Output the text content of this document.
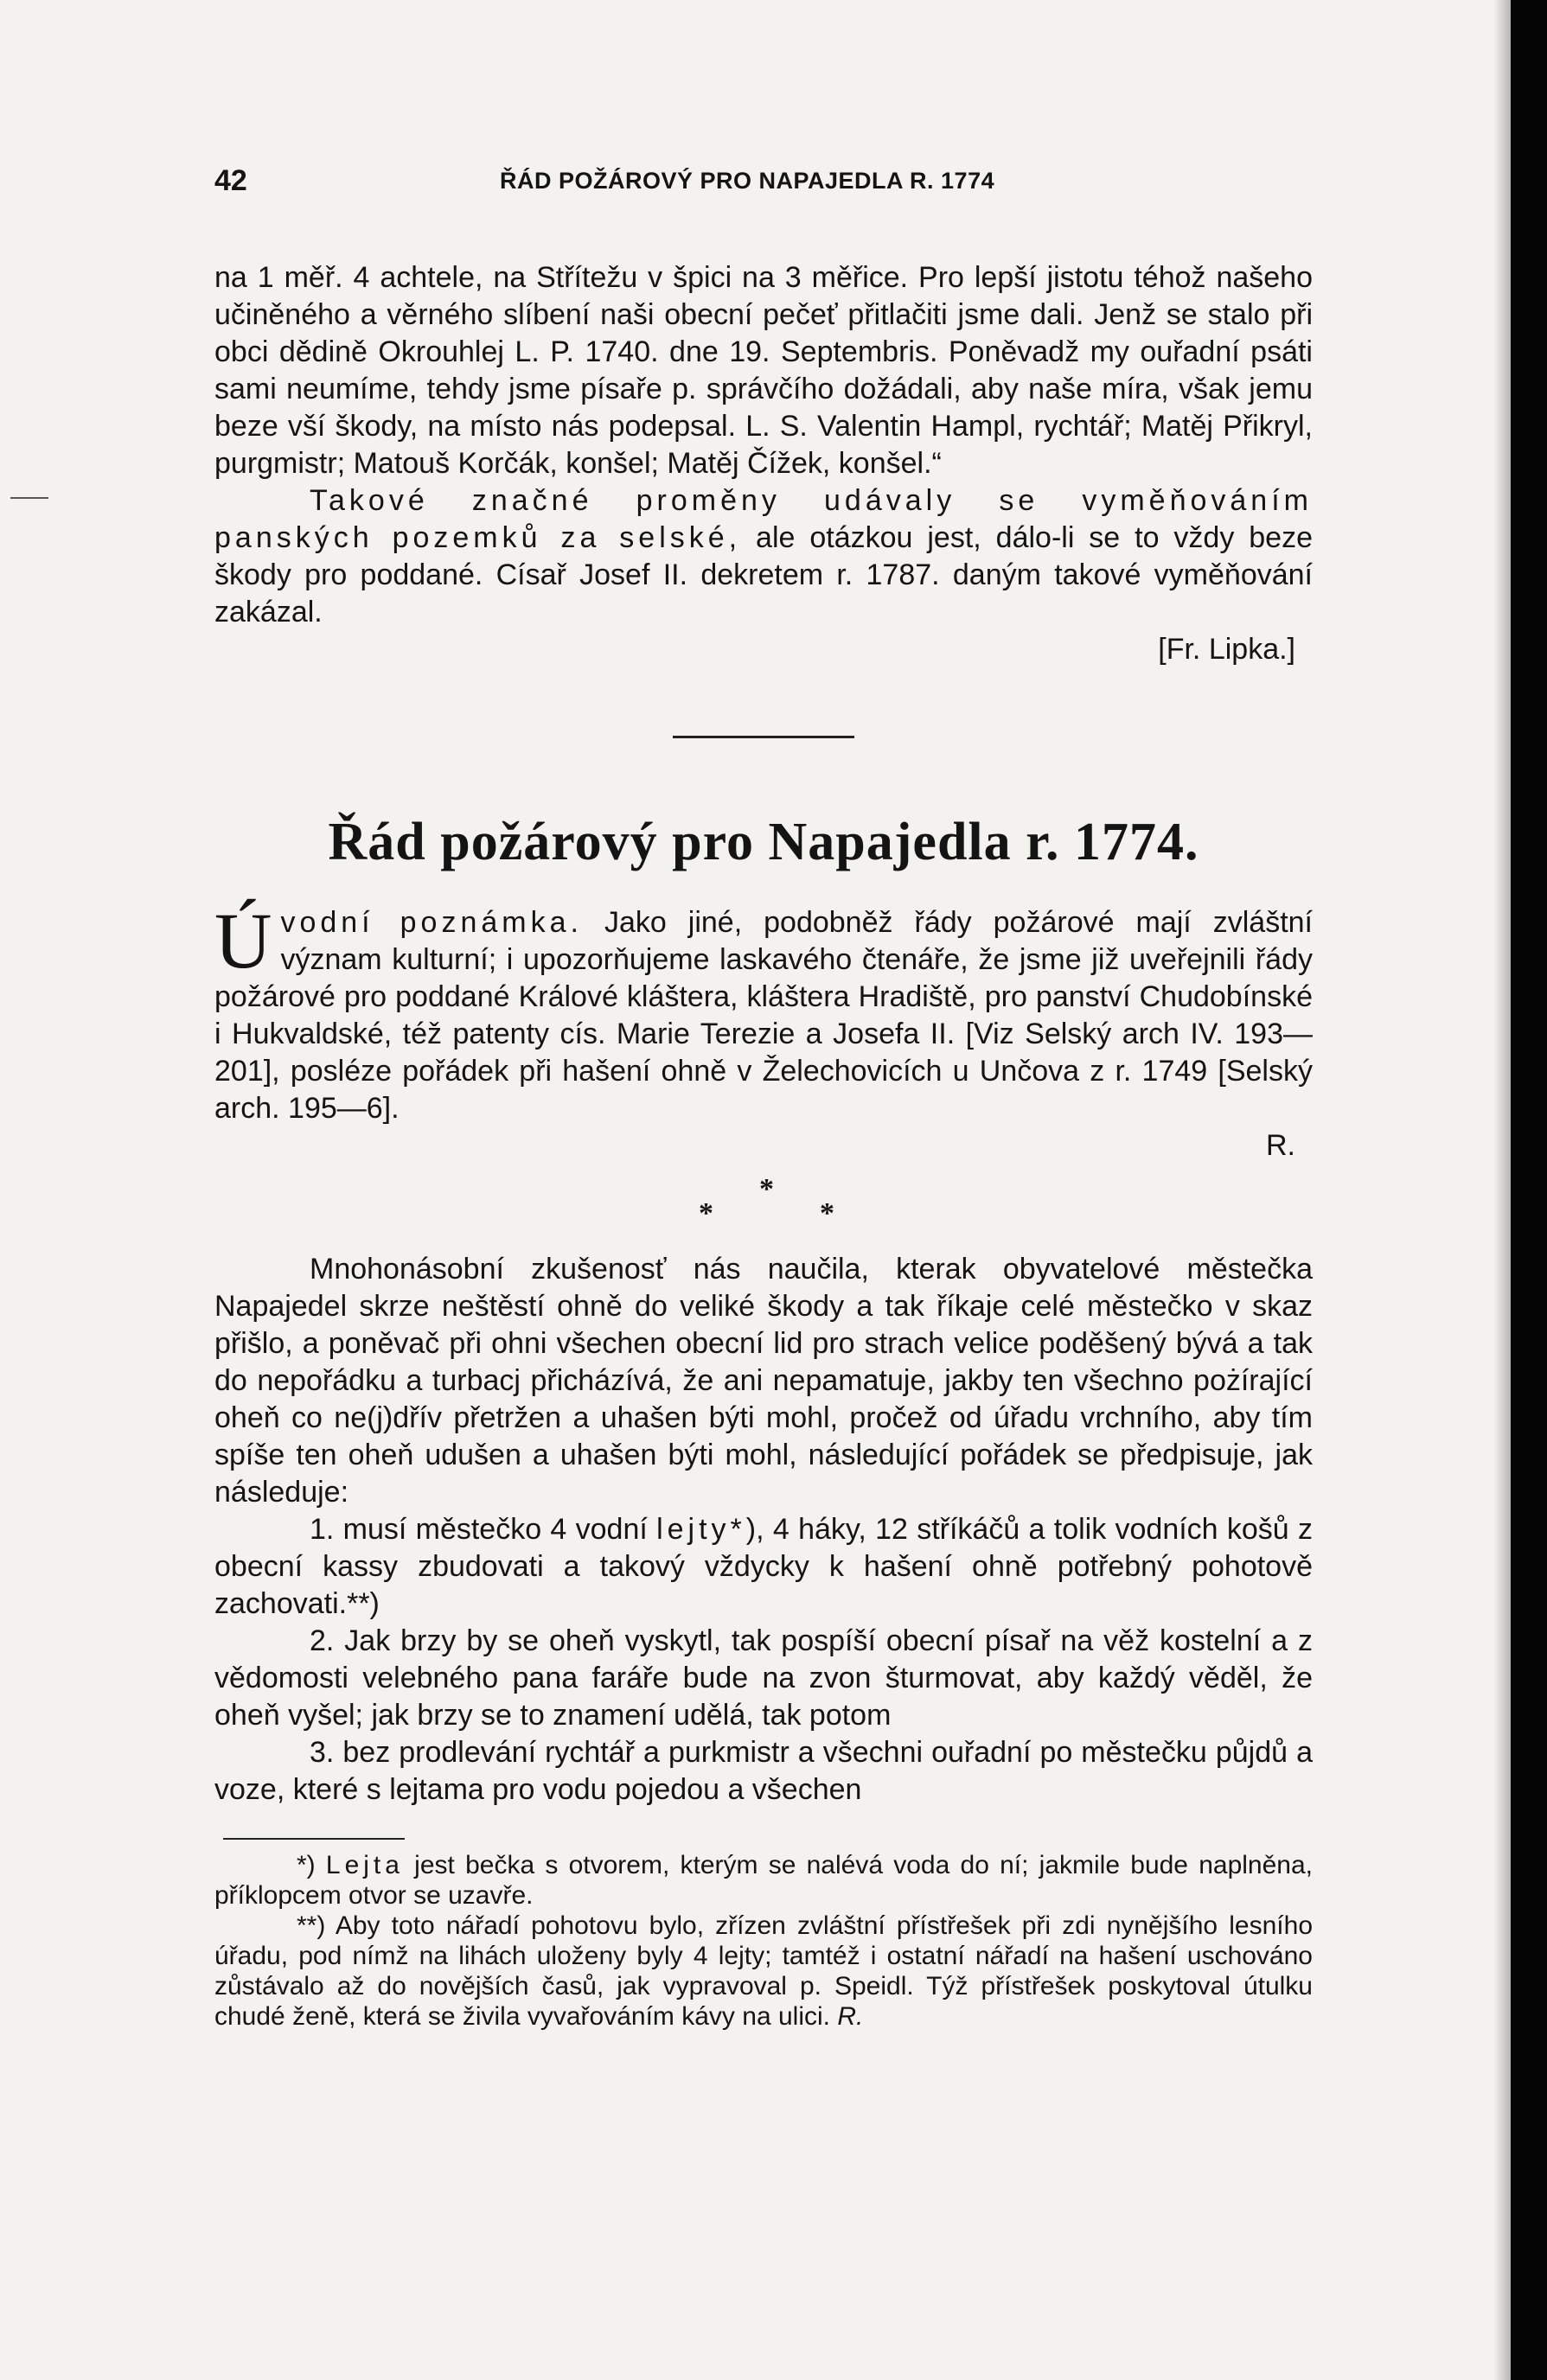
42	ŘÁD POŽÁROVÝ PRO NAPAJEDLA R. 1774

na 1 měř. 4 achtele, na Střítežu v špici na 3 měřice. Pro lepší jistotu téhož našeho učiněného a věrného slíbení naši obecní pečeť přitlačiti jsme dali. Jenž se stalo při obci dědině Okrouhlej L. P. 1740. dne 19. Septembris. Poněvadž my ouřadní psáti sami neumíme, tehdy jsme písaře p. správčího dožádali, aby naše míra, však jemu beze vší škody, na místo nás podepsal. L. S. Valentin Hampl, rychtář; Matěj Přikryl, purgmistr; Matouš Korčák, konšel; Matěj Čížek, konšel.“

Takové značné proměny udávaly se vyměňováním panských pozemků za selské, ale otázkou jest, dálo-li se to vždy beze škody pro poddané. Císař Josef II. dekretem r. 1787. daným takové vyměňování zakázal.

[Fr. Lipka.]

Řád požárový pro Napajedla r. 1774.

Úvodní poznámka. Jako jiné, podobněž řády požárové mají zvláštní význam kulturní; i upozorňujeme laskavého čtenáře, že jsme již uveřejnili řády požárové pro poddané Králové kláštera, kláštera Hradiště, pro panství Chudobínské i Hukvaldské, též patenty cís. Marie Terezie a Josefa II. [Viz Selský arch IV. 193—201], posléze pořádek při hašení ohně v Želechovicích u Unčova z r. 1749 [Selský arch. 195—6].

R.

*
*
*

Mnohonásobní zkušenosť nás naučila, kterak obyvatelové městečka Napajedel skrze neštěstí ohně do veliké škody a tak říkaje celé městečko v skaz přišlo, a poněvač při ohni všechen obecní lid pro strach velice poděšený bývá a tak do nepořádku a turbacj přicházívá, že ani nepamatuje, jakby ten všechno pożírající oheň co ne(j)dřív přetržen a uhašen býti mohl, pročež od úřadu vrchního, aby tím spíše ten oheň udušen a uhašen býti mohl, následující pořádek se předpisuje, jak následuje:

1. musí městečko 4 vodní lejty*), 4 háky, 12 stříkáčů a tolik vodních košů z obecní kassy zbudovati a takový vždycky k hašení ohně potřebný pohotově zachovati.**)

2. Jak brzy by se oheň vyskytl, tak pospíší obecní písař na věž kostelní a z vědomosti velebného pana faráře bude na zvon šturmovat, aby každý věděl, že oheň vyšel; jak brzy se to znamení udělá, tak potom

3. bez prodlevání rychtář a purkmistr a všechni ouřadní po městečku půjdů a voze, které s lejtama pro vodu pojedou a všechen

*) Lejta jest bečka s otvorem, kterým se nalévá voda do ní; jakmile bude naplněna, příklopcem otvor se uzavře.

**) Aby toto nářadí pohotovu bylo, zřízen zvláštní přístřešek při zdi nynějšího lesního úřadu, pod nímž na lihách uloženy byly 4 lejty; tamtéž i ostatní nářadí na hašení uschováno zůstávalo až do novějších časů, jak vypravoval p. Speidl. Týž přístřešek poskytoval útulku chudé ženě, která se živila vyvařováním kávy na ulici. R.
